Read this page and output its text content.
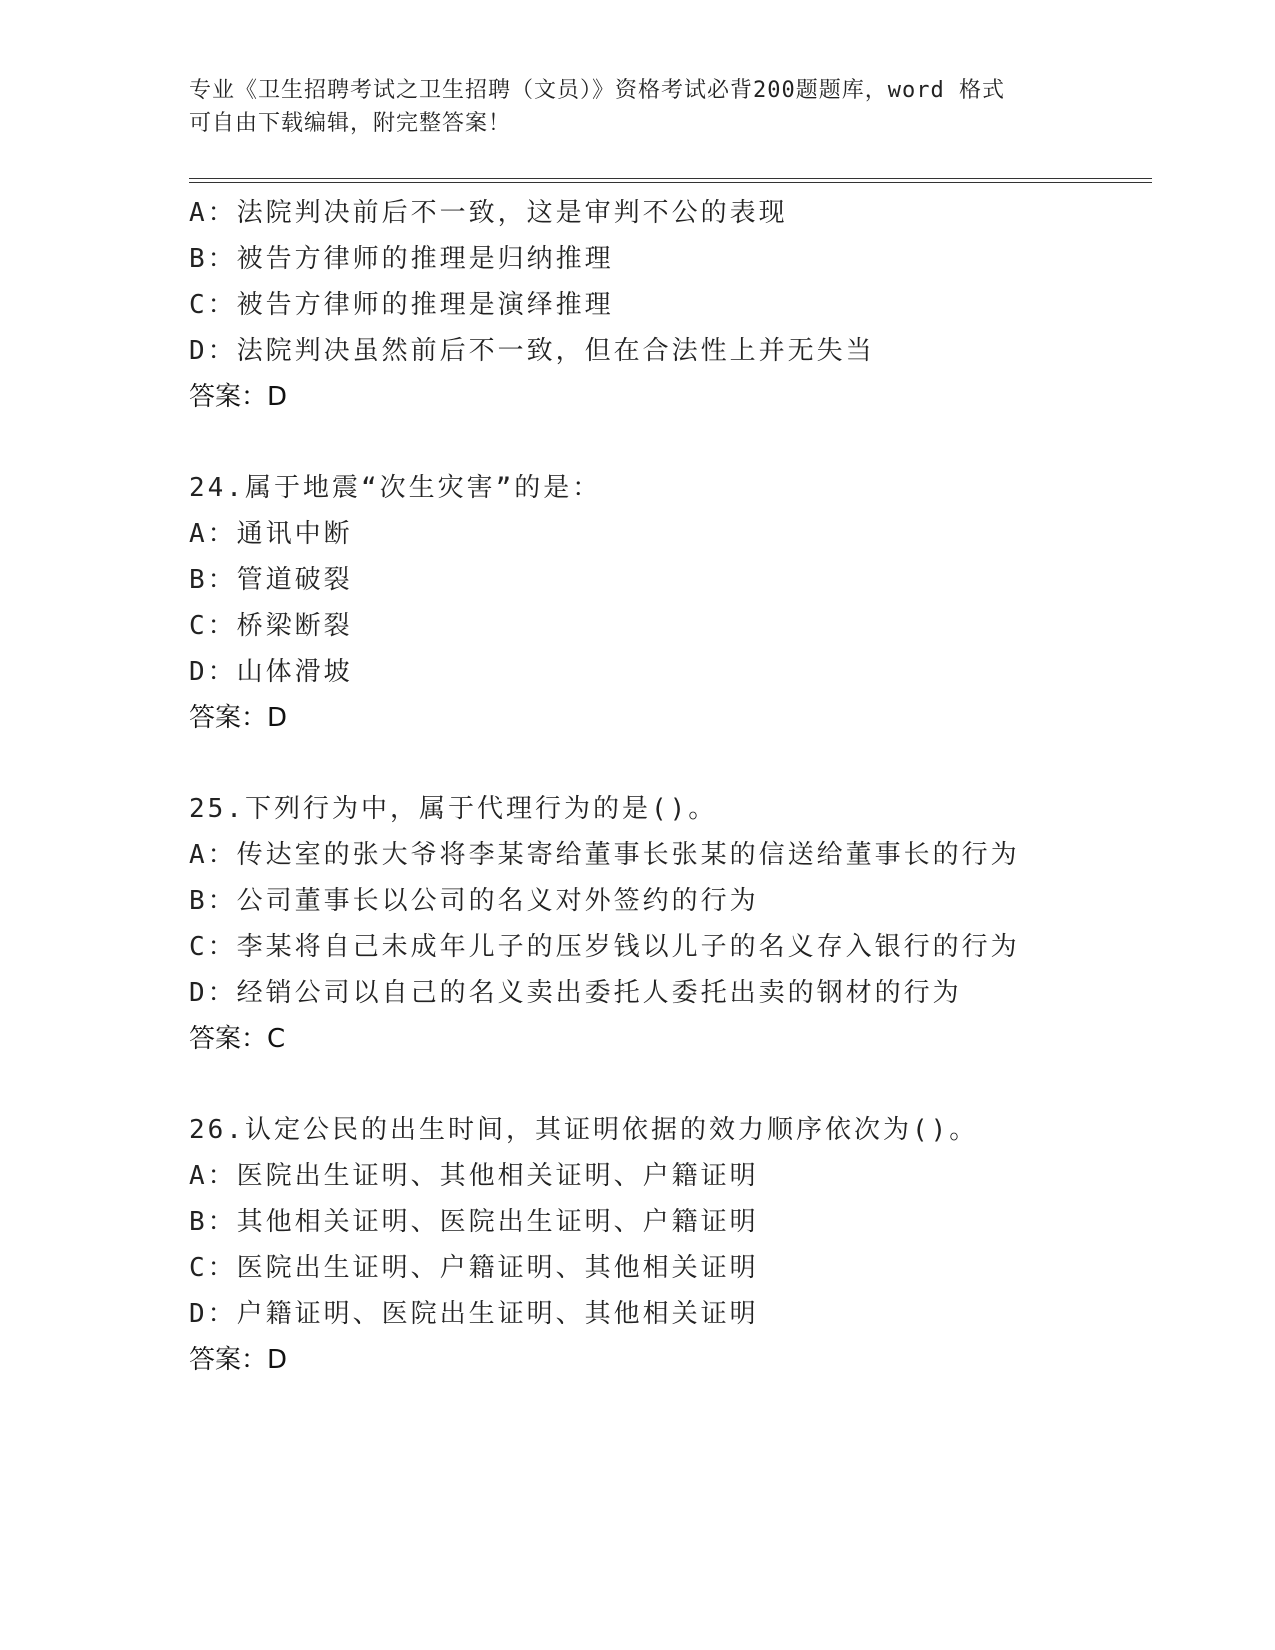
专业《卫生招聘考试之卫生招聘（文员）》资格考试必背200题题库，word 格式
可自由下载编辑，附完整答案！
A：法院判决前后不一致，这是审判不公的表现
B：被告方律师的推理是归纳推理
C：被告方律师的推理是演绎推理
D：法院判决虽然前后不一致，但在合法性上并无失当
答案：D
24.属于地震“次生灾害”的是：
A：通讯中断
B：管道破裂
C：桥梁断裂
D：山体滑坡
答案：D
25.下列行为中，属于代理行为的是()。
A：传达室的张大爷将李某寄给董事长张某的信送给董事长的行为
B：公司董事长以公司的名义对外签约的行为
C：李某将自己未成年儿子的压岁钱以儿子的名义存入银行的行为
D：经销公司以自己的名义卖出委托人委托出卖的钢材的行为
答案：C
26.认定公民的出生时间，其证明依据的效力顺序依次为()。
A：医院出生证明、其他相关证明、户籍证明
B：其他相关证明、医院出生证明、户籍证明
C：医院出生证明、户籍证明、其他相关证明
D：户籍证明、医院出生证明、其他相关证明
答案：D
